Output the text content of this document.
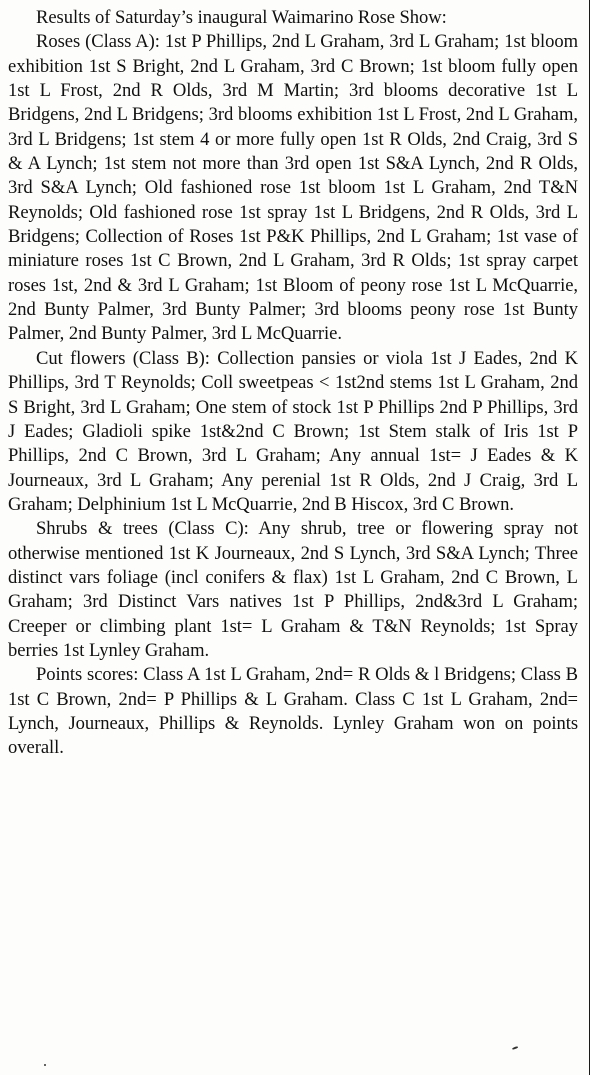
Results of Saturday’s inaugural Waimarino Rose Show:

Roses (Class A): 1st P Phillips, 2nd L Graham, 3rd L Graham; 1st bloom exhibition 1st S Bright, 2nd L Graham, 3rd C Brown; 1st bloom fully open 1st L Frost, 2nd R Olds, 3rd M Martin; 3rd blooms decorative 1st L Bridgens, 2nd L Bridgens; 3rd blooms exhibition 1st L Frost, 2nd L Graham, 3rd L Bridgens; 1st stem 4 or more fully open 1st R Olds, 2nd Craig, 3rd S & A Lynch; 1st stem not more than 3rd open 1st S&A Lynch, 2nd R Olds, 3rd S&A Lynch; Old fashioned rose 1st bloom 1st L Graham, 2nd T&N Reynolds; Old fashioned rose 1st spray 1st L Bridgens, 2nd R Olds, 3rd L Bridgens; Collection of Roses 1st P&K Phillips, 2nd L Graham; 1st vase of miniature roses 1st C Brown, 2nd L Graham, 3rd R Olds; 1st spray carpet roses 1st, 2nd & 3rd L Graham; 1st Bloom of peony rose 1st L McQuarrie, 2nd Bunty Palmer, 3rd Bunty Palmer; 3rd blooms peony rose 1st Bunty Palmer, 2nd Bunty Palmer, 3rd L McQuarrie.

Cut flowers (Class B): Collection pansies or viola 1st J Eades, 2nd K Phillips, 3rd T Reynolds; Coll sweetpeas < 1st2nd stems 1st L Graham, 2nd S Bright, 3rd L Graham; One stem of stock 1st P Phillips 2nd P Phillips, 3rd J Eades; Gladioli spike 1st&2nd C Brown; 1st Stem stalk of Iris 1st P Phillips, 2nd C Brown, 3rd L Graham; Any annual 1st= J Eades & K Journeaux, 3rd L Graham; Any perenial 1st R Olds, 2nd J Craig, 3rd L Graham; Delphinium 1st L McQuarrie, 2nd B Hiscox, 3rd C Brown.

Shrubs & trees (Class C): Any shrub, tree or flowering spray not otherwise mentioned 1st K Journeaux, 2nd S Lynch, 3rd S&A Lynch; Three distinct vars foliage (incl conifers & flax) 1st L Graham, 2nd C Brown, L Graham; 3rd Distinct Vars natives 1st P Phillips, 2nd&3rd L Graham; Creeper or climbing plant 1st= L Graham & T&N Reynolds; 1st Spray berries 1st Lynley Graham.

Points scores: Class A 1st L Graham, 2nd= R Olds & l Bridgens; Class B 1st C Brown, 2nd= P Phillips & L Graham. Class C 1st L Graham, 2nd= Lynch, Journeaux, Phillips & Reynolds. Lynley Graham won on points overall.
